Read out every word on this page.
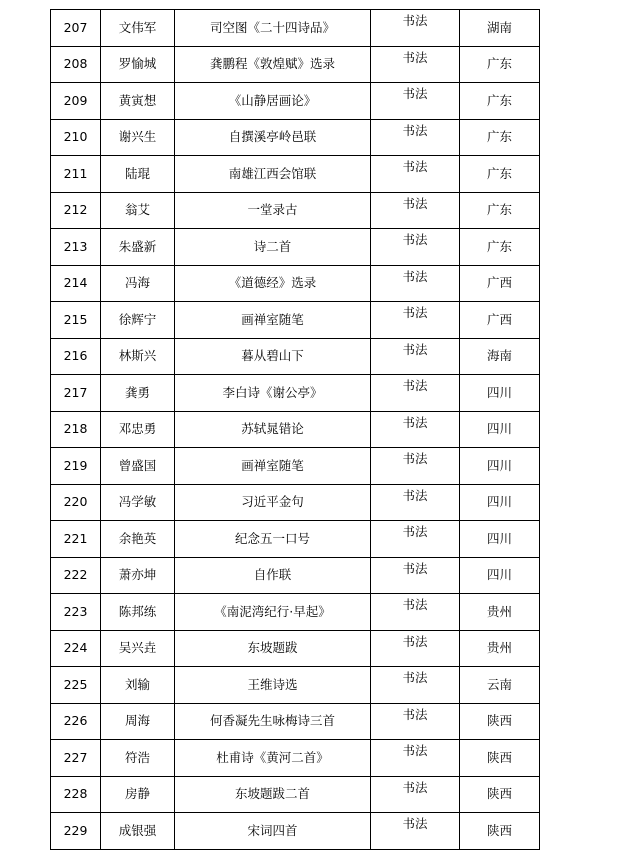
207	文伟军	司空图《二十四诗品》	书法	湖南
208	罗愉城	龚鹏程《敦煌赋》选录	书法	广东
209	黄寅想	《山静居画论》	书法	广东
210	谢兴生	自撰溪亭岭邑联	书法	广东
211	陆琨	南雄江西会馆联	书法	广东
212	翁艾	一堂录古	书法	广东
213	朱盛新	诗二首	书法	广东
214	冯海	《道德经》选录	书法	广西
215	徐辉宁	画禅室随笔	书法	广西
216	林斯兴	暮从碧山下	书法	海南
217	龚勇	李白诗《谢公亭》	书法	四川
218	邓忠勇	苏轼晁错论	书法	四川
219	曾盛国	画禅室随笔	书法	四川
220	冯学敏	习近平金句	书法	四川
221	余艳英	纪念五一口号	书法	四川
222	萧亦坤	自作联	书法	四川
223	陈邦练	《南泥湾纪行·早起》	书法	贵州
224	吴兴垚	东坡题跋	书法	贵州
225	刘输	王维诗选	书法	云南
226	周海	何香凝先生咏梅诗三首	书法	陕西
227	符浩	杜甫诗《黄河二首》	书法	陕西
228	房静	东坡题跋二首	书法	陕西
229	成银强	宋词四首	书法	陕西
